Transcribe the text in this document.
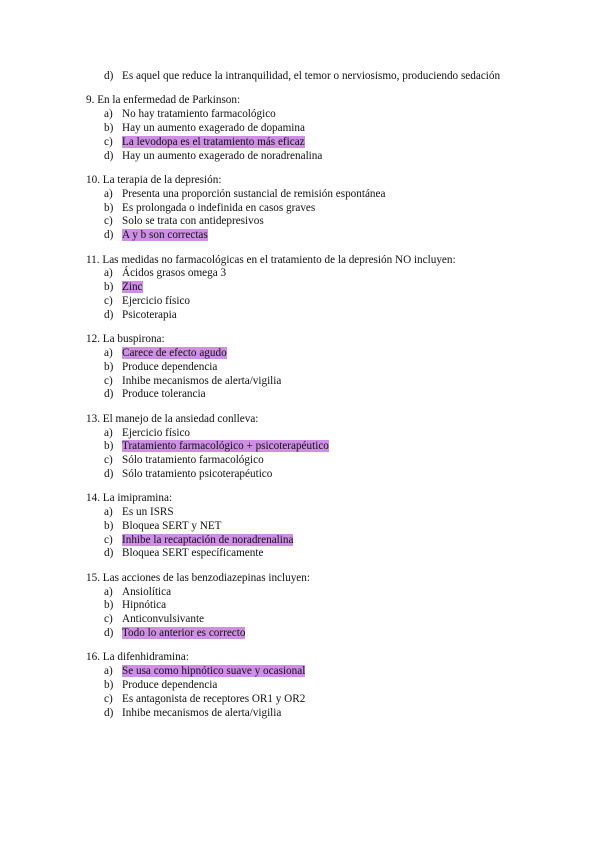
d) Es aquel que reduce la intranquilidad, el temor o nerviosismo, produciendo sedación
9. En la enfermedad de Parkinson:
a) No hay tratamiento farmacológico
b) Hay un aumento exagerado de dopamina
c) La levodopa es el tratamiento más eficaz
d) Hay un aumento exagerado de noradrenalina
10. La terapia de la depresión:
a) Presenta una proporción sustancial de remisión espontánea
b) Es prolongada o indefinida en casos graves
c) Solo se trata con antidepresivos
d) A y b son correctas
11. Las medidas no farmacológicas en el tratamiento de la depresión NO incluyen:
a) Ácidos grasos omega 3
b) Zinc
c) Ejercicio físico
d) Psicoterapia
12. La buspirona:
a) Carece de efecto agudo
b) Produce dependencia
c) Inhibe mecanismos de alerta/vigilia
d) Produce tolerancia
13. El manejo de la ansiedad conlleva:
a) Ejercicio físico
b) Tratamiento farmacológico + psicoterapéutico
c) Sólo tratamiento farmacológico
d) Sólo tratamiento psicoterapéutico
14. La imipramina:
a) Es un ISRS
b) Bloquea SERT y NET
c) Inhibe la recaptación de noradrenalina
d) Bloquea SERT específicamente
15. Las acciones de las benzodiazepinas incluyen:
a) Ansiolítica
b) Hipnótica
c) Anticonvulsivante
d) Todo lo anterior es correcto
16. La difenhidramina:
a) Se usa como hipnótico suave y ocasional
b) Produce dependencia
c) Es antagonista de receptores OR1 y OR2
d) Inhibe mecanismos de alerta/vigilia
